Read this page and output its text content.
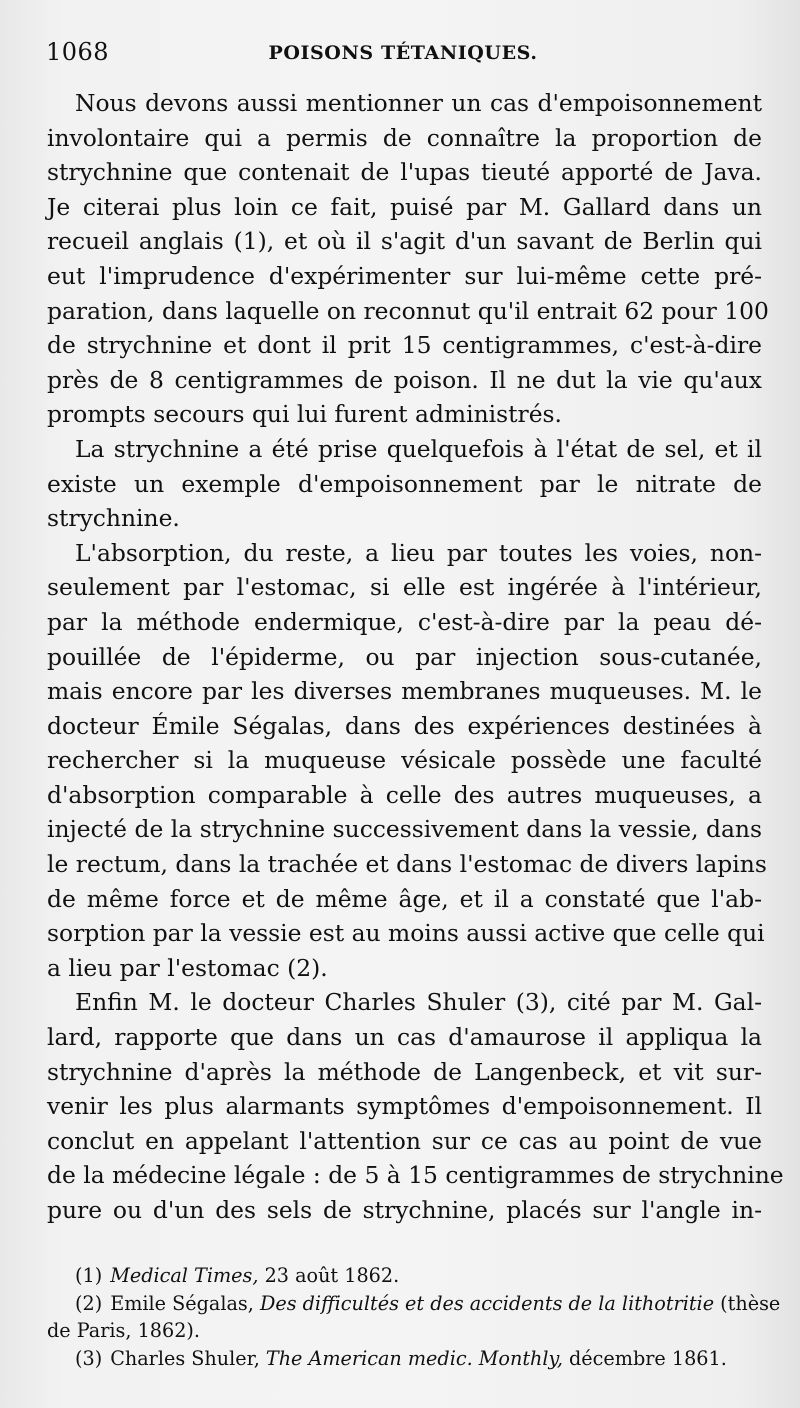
1068	POISONS TÉTANIQUES.
Nous devons aussi mentionner un cas d'empoisonnement
involontaire qui a permis de connaître la proportion de
strychnine que contenait de l'upas tieuté apporté de Java.
Je citerai plus loin ce fait, puisé par M. Gallard dans un
recueil anglais (1), et où il s'agit d'un savant de Berlin qui
eut l'imprudence d'expérimenter sur lui-même cette pré-
paration, dans laquelle on reconnut qu'il entrait 62 pour 100
de strychnine et dont il prit 15 centigrammes, c'est-à-dire
près de 8 centigrammes de poison. Il ne dut la vie qu'aux
prompts secours qui lui furent administrés.
La strychnine a été prise quelquefois à l'état de sel, et il
existe un exemple d'empoisonnement par le nitrate de
strychnine.
L'absorption, du reste, a lieu par toutes les voies, non-
seulement par l'estomac, si elle est ingérée à l'intérieur,
par la méthode endermique, c'est-à-dire par la peau dé-
pouillée de l'épiderme, ou par injection sous-cutanée,
mais encore par les diverses membranes muqueuses. M. le
docteur Émile Ségalas, dans des expériences destinées à
rechercher si la muqueuse vésicale possède une faculté
d'absorption comparable à celle des autres muqueuses, a
injecté de la strychnine successivement dans la vessie, dans
le rectum, dans la trachée et dans l'estomac de divers lapins
de même force et de même âge, et il a constaté que l'ab-
sorption par la vessie est au moins aussi active que celle qui
a lieu par l'estomac (2).
Enfin M. le docteur Charles Shuler (3), cité par M. Gal-
lard, rapporte que dans un cas d'amaurose il appliqua la
strychnine d'après la méthode de Langenbeck, et vit sur-
venir les plus alarmants symptômes d'empoisonnement. Il
conclut en appelant l'attention sur ce cas au point de vue
de la médecine légale : de 5 à 15 centigrammes de strychnine
pure ou d'un des sels de strychnine, placés sur l'angle in-
(1) Medical Times, 23 août 1862.
(2) Emile Ségalas, Des difficultés et des accidents de la lithotritie (thèse
de Paris, 1862).
(3) Charles Shuler, The American medic. Monthly, décembre 1861.
